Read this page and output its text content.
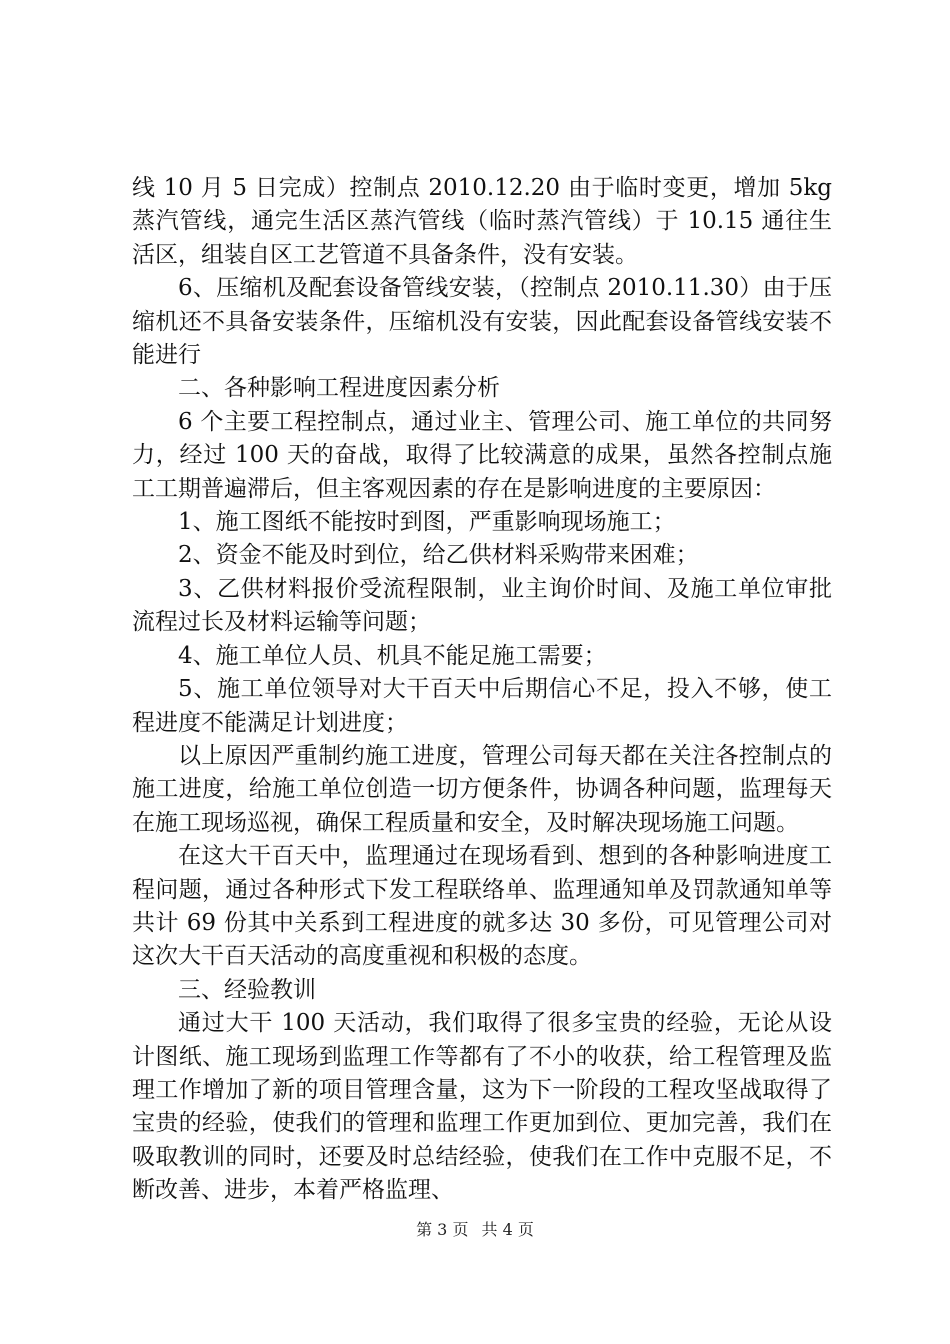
线 10 月 5 日完成）控制点 2010.12.20 由于临时变更，增加 5kg 蒸汽管线，通完生活区蒸汽管线（临时蒸汽管线）于 10.15 通往生活区，组装自区工艺管道不具备条件，没有安装。

6、压缩机及配套设备管线安装，（控制点 2010.11.30）由于压缩机还不具备安装条件，压缩机没有安装，因此配套设备管线安装不能进行

二、各种影响工程进度因素分析

6 个主要工程控制点，通过业主、管理公司、施工单位的共同努力，经过 100 天的奋战，取得了比较满意的成果，虽然各控制点施工工期普遍滞后，但主客观因素的存在是影响进度的主要原因：

1、施工图纸不能按时到图，严重影响现场施工；

2、资金不能及时到位，给乙供材料采购带来困难；

3、乙供材料报价受流程限制，业主询价时间、及施工单位审批流程过长及材料运输等问题；

4、施工单位人员、机具不能足施工需要；

5、施工单位领导对大干百天中后期信心不足，投入不够，使工程进度不能满足计划进度；

以上原因严重制约施工进度，管理公司每天都在关注各控制点的施工进度，给施工单位创造一切方便条件，协调各种问题，监理每天在施工现场巡视，确保工程质量和安全，及时解决现场施工问题。

在这大干百天中，监理通过在现场看到、想到的各种影响进度工程问题，通过各种形式下发工程联络单、监理通知单及罚款通知单等共计 69 份其中关系到工程进度的就多达 30 多份，可见管理公司对这次大干百天活动的高度重视和积极的态度。

三、经验教训

通过大干 100 天活动，我们取得了很多宝贵的经验，无论从设计图纸、施工现场到监理工作等都有了不小的收获，给工程管理及监理工作增加了新的项目管理含量，这为下一阶段的工程攻坚战取得了宝贵的经验，使我们的管理和监理工作更加到位、更加完善，我们在吸取教训的同时，还要及时总结经验，使我们在工作中克服不足，不断改善、进步，本着严格监理、

第 3 页 共 4 页
